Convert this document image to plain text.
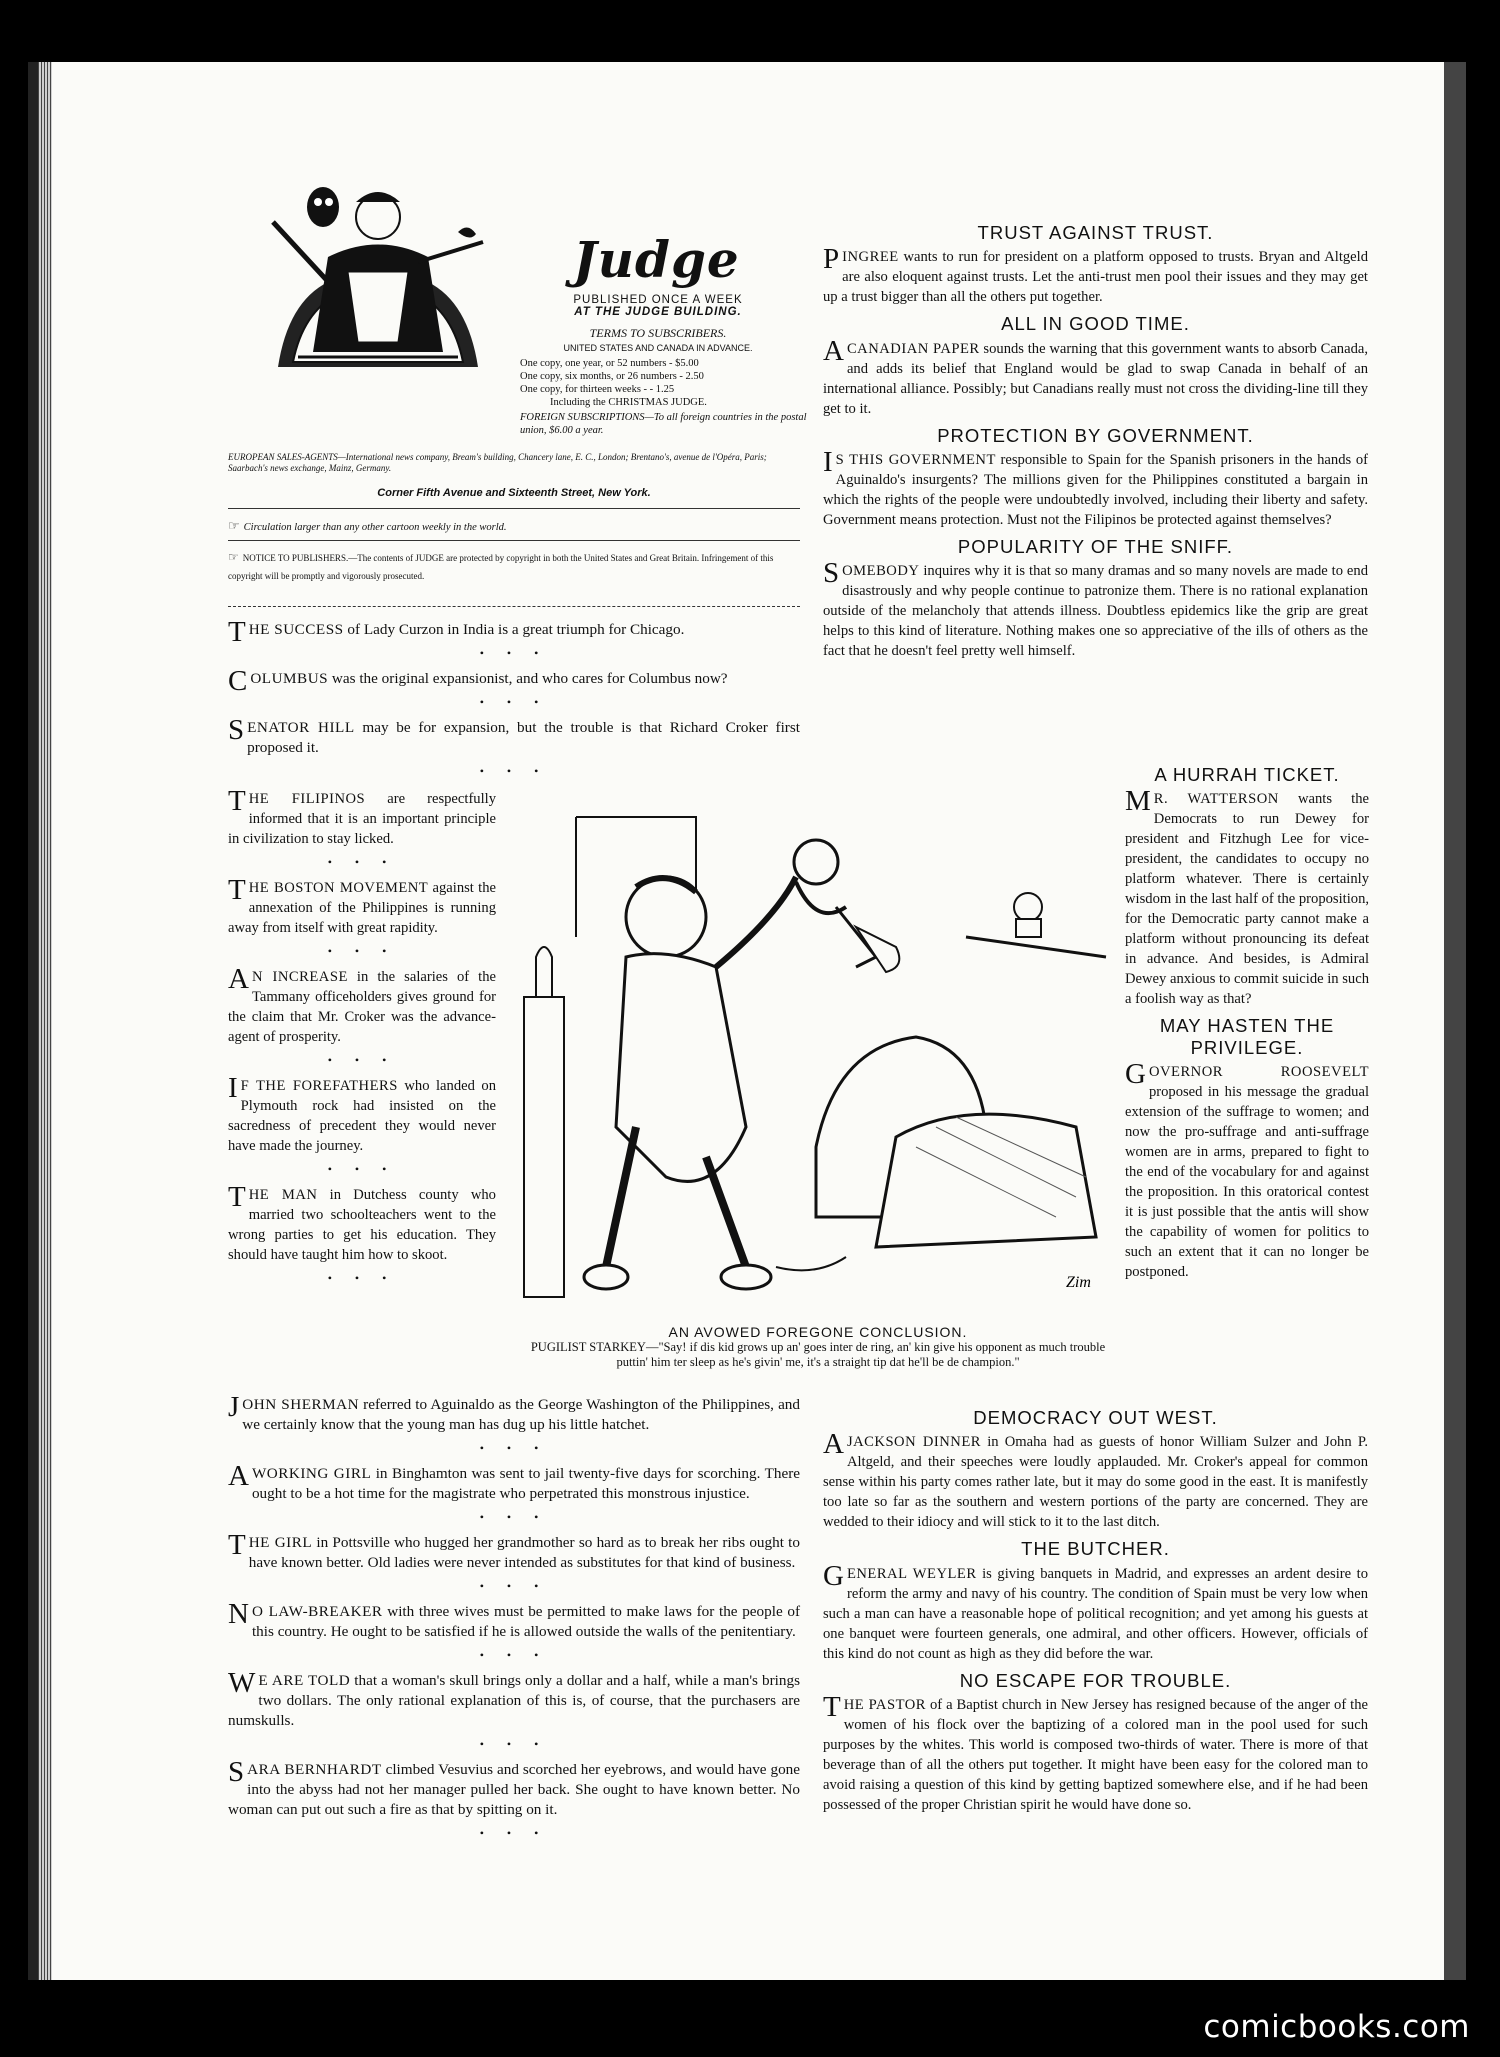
Judge
PUBLISHED ONCE A WEEK
AT THE JUDGE BUILDING.
TERMS TO SUBSCRIBERS.
UNITED STATES AND CANADA IN ADVANCE.
One copy, one year, or 52 numbers - $5.00
One copy, six months, or 26 numbers - 2.50
One copy, for thirteen weeks - - 1.25
Including the CHRISTMAS JUDGE.
FOREIGN SUBSCRIPTIONS—To all foreign countries in the postal union, $6.00 a year.
EUROPEAN SALES-AGENTS—International news company, Bream's building, Chancery lane, E. C., London; Brentano's, avenue de l'Opéra, Paris; Saarbach's news exchange, Mainz, Germany.
Corner Fifth Avenue and Sixteenth Street, New York.
☞ Circulation larger than any other cartoon weekly in the world.
☞ NOTICE TO PUBLISHERS.—The contents of JUDGE are protected by copyright in both the United States and Great Britain. Infringement of this copyright will be promptly and vigorously prosecuted.

THE SUCCESS of Lady Curzon in India is a great triumph for Chicago.

• • •

COLUMBUS was the original expansionist, and who cares for Columbus now?

• • •

SENATOR HILL may be for expansion, but the trouble is that Richard Croker first proposed it.

• • •

THE FILIPINOS are respectfully informed that it is an important principle in civilization to stay licked.

• • •

THE BOSTON MOVEMENT against the annexation of the Philippines is running away from itself with great rapidity.

• • •

A N INCREASE in the salaries of the Tammany officeholders gives ground for the claim that Mr. Croker was the advance-agent of prosperity.

• • •

I F THE FOREFATHERS who landed on Plymouth rock had insisted on the sacredness of precedent they would never have made the journey.

• • •

THE MAN in Dutchess county who married two schoolteachers went to the wrong parties to get his education. They should have taught him how to skoot.

• • •

JOHN SHERMAN referred to Aguinaldo as the George Washington of the Philippines, and we certainly know that the young man has dug up his little hatchet.

• • •

A WORKING GIRL in Binghamton was sent to jail twenty-five days for scorching. There ought to be a hot time for the magistrate who perpetrated this monstrous injustice.

• • •

THE GIRL in Pottsville who hugged her grandmother so hard as to break her ribs ought to have known better. Old ladies were never intended as substitutes for that kind of business.

• • •

N O LAW-BREAKER with three wives must be permitted to make laws for the people of this country. He ought to be satisfied if he is allowed outside the walls of the penitentiary.

• • •

W E ARE TOLD that a woman's skull brings only a dollar and a half, while a man's brings two dollars. The only rational explanation of this is, of course, that the purchasers are numskulls.

• • •

SARA BERNHARDT climbed Vesuvius and scorched her eyebrows, and would have gone into the abyss had not her manager pulled her back. She ought to have known better. No woman can put out such a fire as that by spitting on it.

• • •
TRUST AGAINST TRUST.

PINGREE wants to run for president on a platform opposed to trusts. Bryan and Altgeld are also eloquent against trusts. Let the anti-trust men pool their issues and they may get up a trust bigger than all the others put together.

ALL IN GOOD TIME.

A CANADIAN PAPER sounds the warning that this government wants to absorb Canada, and adds its belief that England would be glad to swap Canada in behalf of an international alliance. Possibly; but Canadians really must not cross the dividing-line till they get to it.

PROTECTION BY GOVERNMENT.

I S THIS GOVERNMENT responsible to Spain for the Spanish prisoners in the hands of Aguinaldo's insurgents? The millions given for the Philippines constituted a bargain in which the rights of the people were undoubtedly involved, including their liberty and safety. Government means protection. Must not the Filipinos be protected against themselves?

POPULARITY OF THE SNIFF.

SOMEBODY inquires why it is that so many dramas and so many novels are made to end disastrously and why people continue to patronize them. There is no rational explanation outside of the melancholy that attends illness. Doubtless epidemics like the grip are great helps to this kind of literature. Nothing makes one so appreciative of the ills of others as the fact that he doesn't feel pretty well himself.

A HURRAH TICKET.

M R. WATTERSON wants the Democrats to run Dewey for president and Fitzhugh Lee for vice-president, the candidates to occupy no platform whatever. There is certainly wisdom in the last half of the proposition, for the Democratic party cannot make a platform without pronouncing its defeat in advance. And besides, is Admiral Dewey anxious to commit suicide in such a foolish way as that?

MAY HASTEN THE PRIVILEGE.

GOVERNOR ROOSEVELT proposed in his message the gradual extension of the suffrage to women; and now the pro-suffrage and anti-suffrage women are in arms, prepared to fight to the end of the vocabulary for and against the proposition. In this oratorical contest it is just possible that the antis will show the capability of women for politics to such an extent that it can no longer be postponed.

DEMOCRACY OUT WEST.

A JACKSON DINNER in Omaha had as guests of honor William Sulzer and John P. Altgeld, and their speeches were loudly applauded. Mr. Croker's appeal for common sense within his party comes rather late, but it may do some good in the east. It is manifestly too late so far as the southern and western portions of the party are concerned. They are wedded to their idiocy and will stick to it to the last ditch.

THE BUTCHER.

GENERAL WEYLER is giving banquets in Madrid, and expresses an ardent desire to reform the army and navy of his country. The condition of Spain must be very low when such a man can have a reasonable hope of political recognition; and yet among his guests at one banquet were fourteen generals, one admiral, and other officers. However, officials of this kind do not count as high as they did before the war.

NO ESCAPE FOR TROUBLE.

THE PASTOR of a Baptist church in New Jersey has resigned because of the anger of the women of his flock over the baptizing of a colored man in the pool used for such purposes by the whites. This world is composed two-thirds of water. There is more of that beverage than of all the others put together. It might have been easy for the colored man to avoid raising a question of this kind by getting baptized somewhere else, and if he had been possessed of the proper Christian spirit he would have done so.

Zim
AN AVOWED FOREGONE CONCLUSION.
PUGILIST STARKEY—"Say! if dis kid grows up an' goes inter de ring, an' kin give his opponent as much trouble puttin' him ter sleep as he's givin' me, it's a straight tip dat he'll be de champion."
comicbooks.com
